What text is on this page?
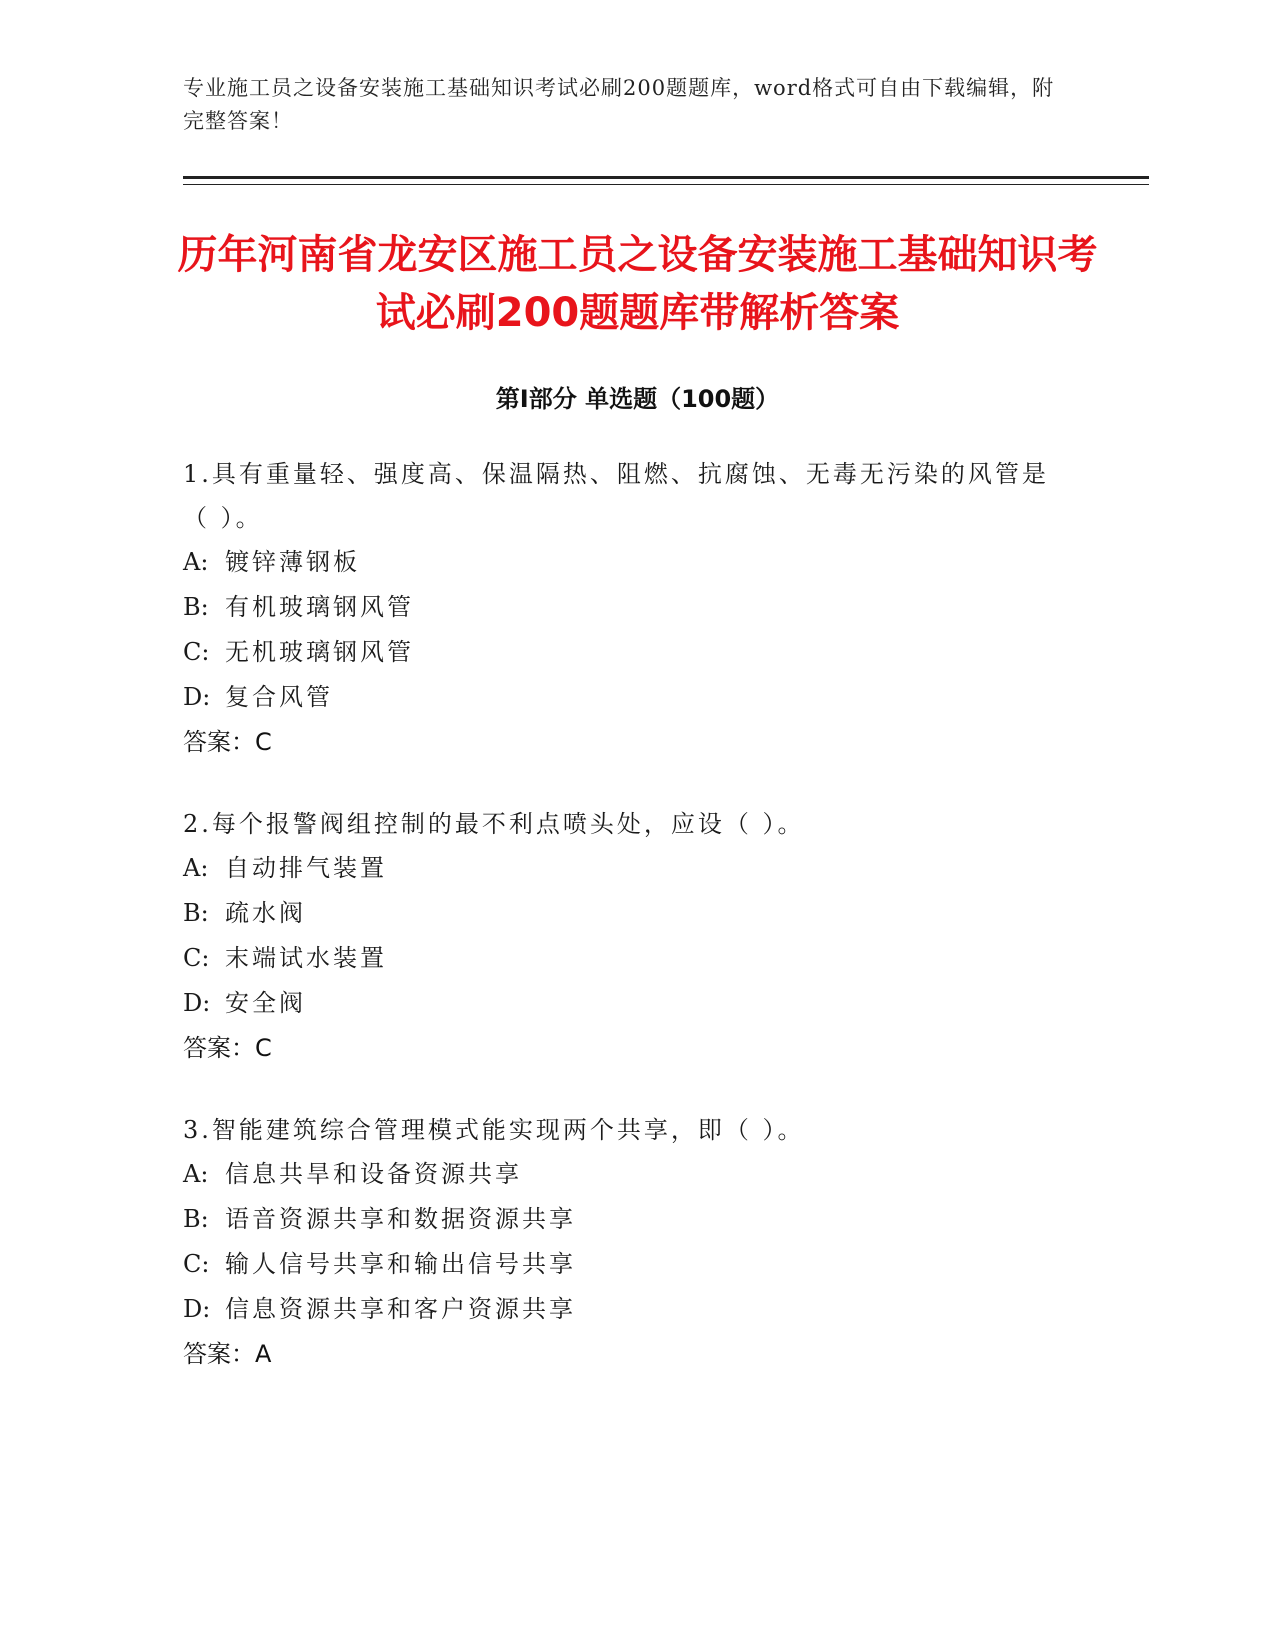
专业施工员之设备安装施工基础知识考试必刷200题题库，word格式可自由下载编辑，附完整答案！
历年河南省龙安区施工员之设备安装施工基础知识考试必刷200题题库带解析答案
第Ⅰ部分 单选题（100题）
1.具有重量轻、强度高、保温隔热、阻燃、抗腐蚀、无毒无污染的风管是（ ）。
A: 镀锌薄钢板
B: 有机玻璃钢风管
C: 无机玻璃钢风管
D: 复合风管
答案：C
2.每个报警阀组控制的最不利点喷头处，应设（ ）。
A: 自动排气装置
B: 疏水阀
C: 末端试水装置
D: 安全阀
答案：C
3.智能建筑综合管理模式能实现两个共享，即（ ）。
A: 信息共旱和设备资源共享
B: 语音资源共享和数据资源共享
C: 输人信号共享和输出信号共享
D: 信息资源共享和客户资源共享
答案：A
